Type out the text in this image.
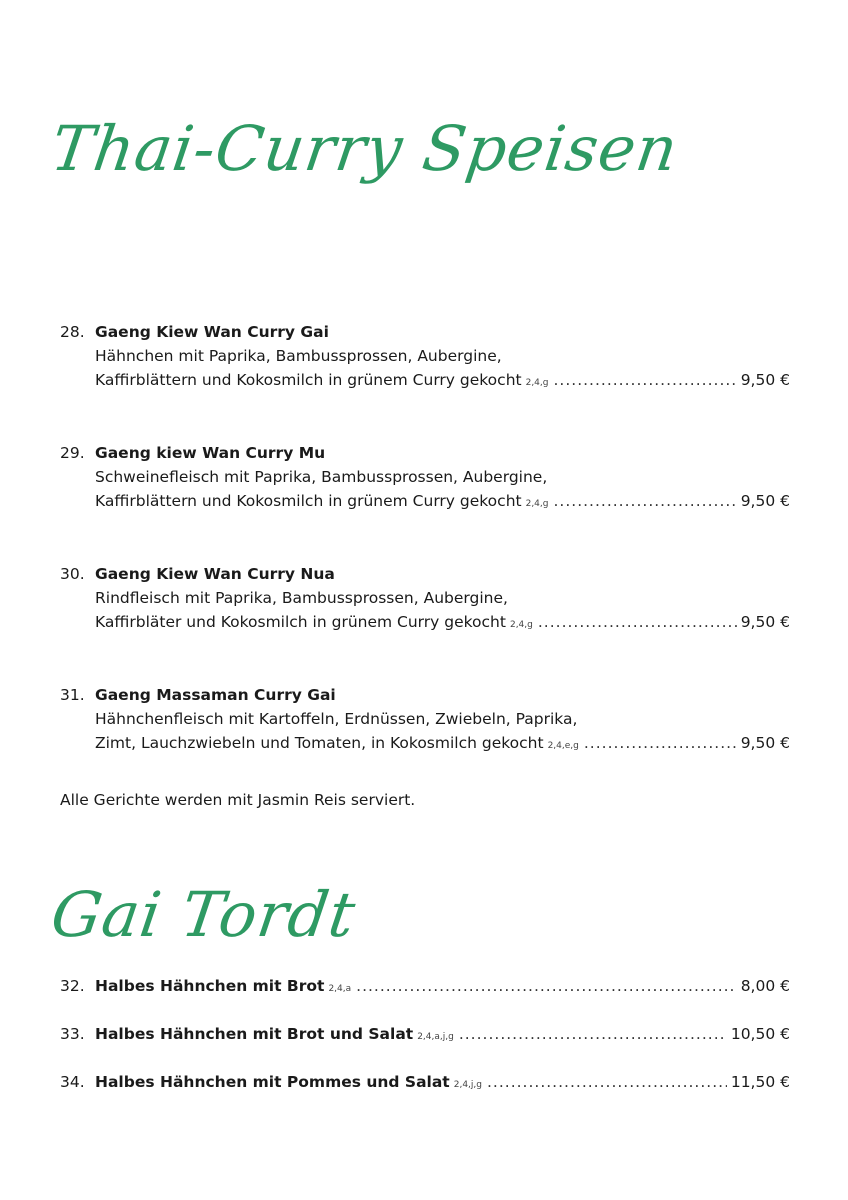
Thai-Curry Speisen
28. Gaeng Kiew Wan Curry Gai
Hähnchen mit Paprika, Bambussprossen, Aubergine,
Kaffirblättern und Kokosmilch in grünem Curry gekocht 2,4,g .....	9,50 €
29. Gaeng kiew Wan Curry Mu
Schweinefleisch mit Paprika, Bambussprossen, Aubergine,
Kaffirblättern und Kokosmilch in grünem Curry gekocht 2,4,g .....	9,50 €
30. Gaeng Kiew Wan Curry Nua
Rindfleisch mit Paprika, Bambussprossen, Aubergine,
Kaffirbläter und Kokosmilch in grünem Curry gekocht 2,4,g .....	9,50 €
31. Gaeng Massaman Curry Gai
Hähnchenfleisch mit Kartoffeln, Erdnüssen, Zwiebeln, Paprika,
Zimt, Lauchzwiebeln und Tomaten, in Kokosmilch gekocht 2,4,e,g .....	9,50 €
Alle Gerichte werden mit Jasmin Reis serviert.
Gai Tordt
32. Halbes Hähnchen mit Brot 2,4,a .....	8,00 €
33. Halbes Hähnchen mit Brot und Salat 2,4,a,j,g .....	10,50 €
34. Halbes Hähnchen mit Pommes und Salat 2,4,j,g .....	11,50 €
